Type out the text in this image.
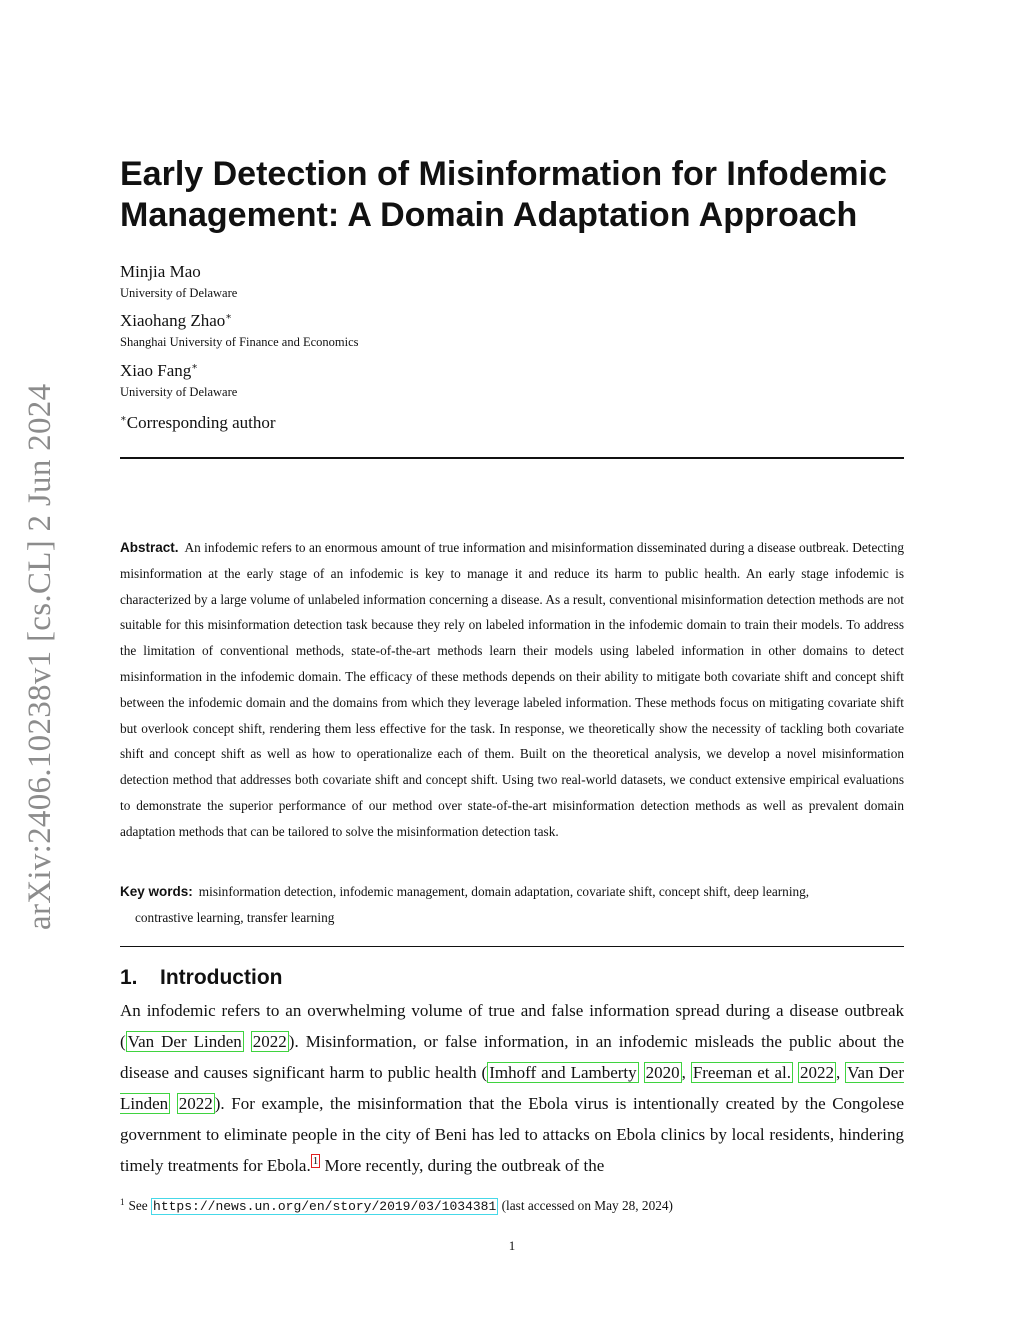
arXiv:2406.10238v1 [cs.CL] 2 Jun 2024
Early Detection of Misinformation for Infodemic Management: A Domain Adaptation Approach
Minjia Mao
University of Delaware
Xiaohang Zhao∗
Shanghai University of Finance and Economics
Xiao Fang∗
University of Delaware
∗Corresponding author

Abstract. An infodemic refers to an enormous amount of true information and misinformation disseminated during a disease outbreak. Detecting misinformation at the early stage of an infodemic is key to manage it and reduce its harm to public health. An early stage infodemic is characterized by a large volume of unlabeled information concerning a disease. As a result, conventional misinformation detection methods are not suitable for this misinformation detection task because they rely on labeled information in the infodemic domain to train their models. To address the limitation of conventional methods, state-of-the-art methods learn their models using labeled information in other domains to detect misinformation in the infodemic domain. The efficacy of these methods depends on their ability to mitigate both covariate shift and concept shift between the infodemic domain and the domains from which they leverage labeled information. These methods focus on mitigating covariate shift but overlook concept shift, rendering them less effective for the task. In response, we theoretically show the necessity of tackling both covariate shift and concept shift as well as how to operationalize each of them. Built on the theoretical analysis, we develop a novel misinformation detection method that addresses both covariate shift and concept shift. Using two real-world datasets, we conduct extensive empirical evaluations to demonstrate the superior performance of our method over state-of-the-art misinformation detection methods as well as prevalent domain adaptation methods that can be tailored to solve the misinformation detection task.

Key words: misinformation detection, infodemic management, domain adaptation, covariate shift, concept shift, deep learning,
contrastive learning, transfer learning

1. Introduction

An infodemic refers to an overwhelming volume of true and false information spread during a disease outbreak ( Van Der Linden 2022 ). Misinformation, or false information, in an infodemic misleads the public about the disease and causes significant harm to public health ( Imhoff and Lamberty 2020 , Freeman et al. 2022 , Van Der Linden 2022 ). For example, the misinformation that the Ebola virus is intentionally created by the Congolese government to eliminate people in the city of Beni has led to attacks on Ebola clinics by local residents, hindering timely treatments for Ebola. $^1$ More recently, during the outbreak of the

$^1$ See https://news.un.org/en/story/2019/03/1034381 (last accessed on May 28, 2024)

1
